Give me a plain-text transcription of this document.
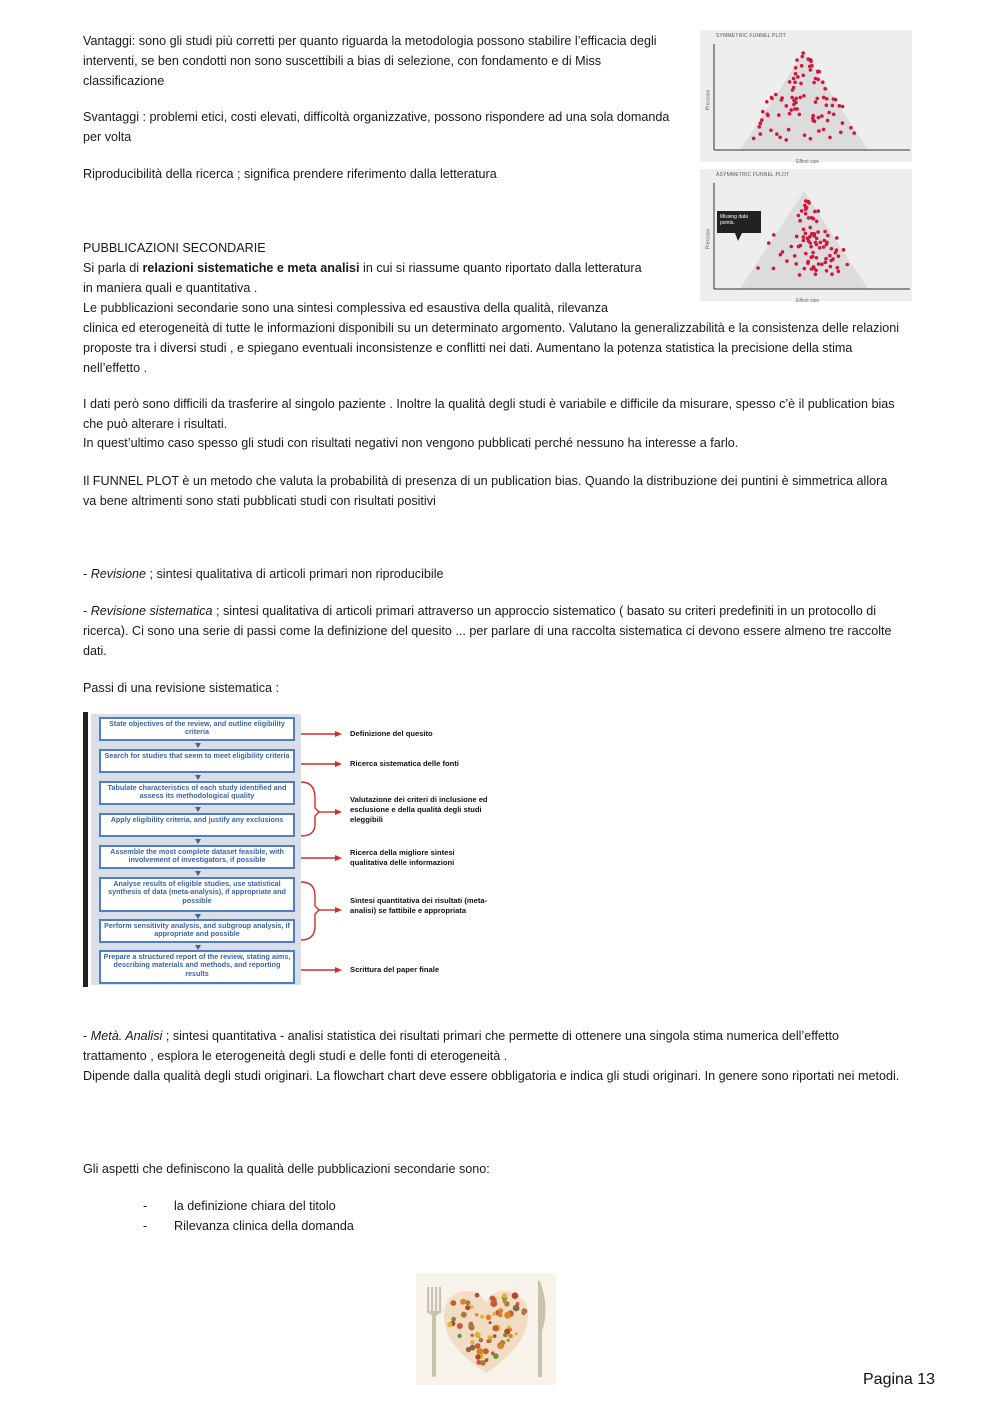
Vantaggi: sono gli studi più corretti per quanto riguarda la metodologia possono stabilire l’efficacia degli interventi, se ben condotti non sono suscettibili a bias di selezione, con fondamento e di Miss classificazione

Svantaggi : problemi etici, costi elevati, difficoltà organizzative, possono rispondere ad una sola domanda per volta

Riproducibilità della ricerca ; significa prendere riferimento dalla letteratura

SYMMETRIC FUNNEL PLOT
Precision
Effect size
ASYMMETRIC FUNNEL PLOT
Precision
Effect size
Missing data points.

PUBBLICAZIONI SECONDARIE

Si parla di relazioni sistematiche e meta analisi in cui si riassume quanto riportato dalla letteratura in maniera quali e quantitativa .

Le pubblicazioni secondarie sono una sintesi complessiva ed esaustiva della qualità, rilevanza

clinica ed eterogeneità di tutte le informazioni disponibili su un determinato argomento. Valutano la generalizzabilità e la consistenza delle relazioni proposte tra i diversi studi , e spiegano eventuali inconsistenze e conflitti nei dati. Aumentano la potenza statistica la precisione della stima nell’effetto .

I dati però sono difficili da trasferire al singolo paziente . Inoltre la qualità degli studi è variabile e difficile da misurare, spesso c’è il publication bias che può alterare i risultati.

In quest’ultimo caso spesso gli studi con risultati negativi non vengono pubblicati perché nessuno ha interesse a farlo.

Il FUNNEL PLOT è un metodo che valuta la probabilità di presenza di un publication bias. Quando la distribuzione dei puntini è simmetrica allora va bene altrimenti sono stati pubblicati studi con risultati positivi

- Revisione ; sintesi qualitativa di articoli primari non riproducibile

- Revisione sistematica ; sintesi qualitativa di articoli primari attraverso un approccio sistematico ( basato su criteri predefiniti in un protocollo di ricerca). Ci sono una serie di passi come la definizione del quesito ... per parlare di una raccolta sistematica ci devono essere almeno tre raccolte dati.

Passi di una revisione sistematica :

State objectives of the review, and outline eligibility criteria
Search for studies that seem to meet eligibility criteria
Tabulate characteristics of each study identified and assess its methodological quality
Apply eligibility criteria, and justify any exclusions
Assemble the most complete dataset feasible, with involvement of investigators, if possible
Analyse results of eligible studies, use statistical synthesis of data (meta-analysis), if appropriate and possible
Perform sensitivity analysis, and subgroup analysis, if appropriate and possible
Prepare a structured report of the review, stating aims, describing materials and methods, and reporting results
Definizione del quesito
Ricerca sistematica delle fonti
Valutazione dei criteri di inclusione ed esclusione e della qualità degli studi eleggibili
Ricerca della migliore sintesi qualitativa delle informazioni
Sintesi quantitativa dei risultati (meta-analisi) se fattibile e appropriata
Scrittura del paper finale

- Metà. Analisi ; sintesi quantitativa - analisi statistica dei risultati primari che permette di ottenere una singola stima numerica dell’effetto trattamento , esplora le eterogeneità degli studi e delle fonti di eterogeneità .

Dipende dalla qualità degli studi originari. La flowchart chart deve essere obbligatoria e indica gli studi originari. In genere sono riportati nei metodi.

Gli aspetti che definiscono la qualità delle pubblicazioni secondarie sono:

- la definizione chiara del titolo
- Rilevanza clinica della domanda
Pagina 13
